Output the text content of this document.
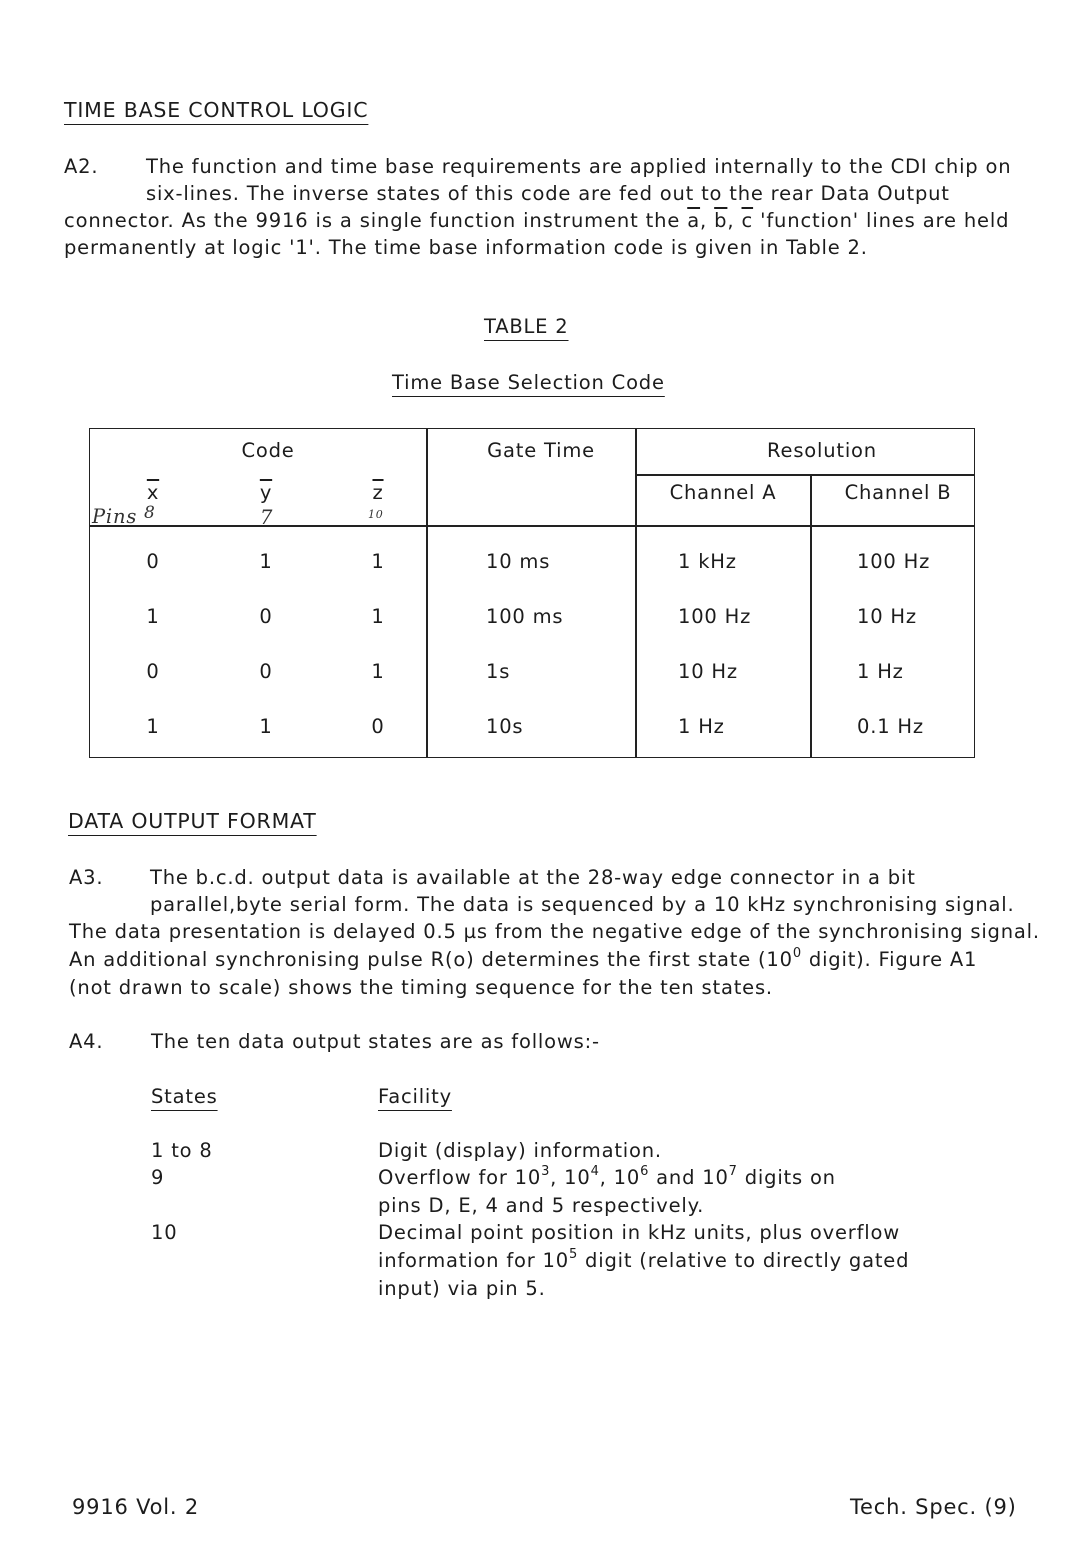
TIME BASE CONTROL LOGIC
A2. The function and time base requirements are applied internally to the CDI chip on
six-lines. The inverse states of this code are fed out to the rear Data Output
connector. As the 9916 is a single function instrument the $\overline{a}$, $\overline{b}$, $\overline{c}$ 'function' lines are held
permanently at logic '1'. The time base information code is given in Table 2.
TABLE 2
Time Base Selection Code
Code	Gate Time	Resolution
$\overline{x}$	$\overline{y}$	$\overline{z}$	Channel A	Channel B
Pins 8	7	10
0	1	1	10 ms	1 kHz	100 Hz
1	0	1	100 ms	100 Hz	10 Hz
0	0	1	1s	10 Hz	1 Hz
1	1	0	10s	1 Hz	0.1 Hz
DATA OUTPUT FORMAT
A3. The b.c.d. output data is available at the 28-way edge connector in a bit
parallel,byte serial form. The data is sequenced by a 10 kHz synchronising signal.
The data presentation is delayed 0.5 µs from the negative edge of the synchronising signal.
An additional synchronising pulse R(o) determines the first state ($10^0$ digit). Figure A1
(not drawn to scale) shows the timing sequence for the ten states.
A4. The ten data output states are as follows:-
States	Facility
1 to 8	Digit (display) information.
9	Overflow for $10^3$, $10^4$, $10^6$ and $10^7$ digits on
pins D, E, 4 and 5 respectively.
10	Decimal point position in kHz units, plus overflow
information for $10^5$ digit (relative to directly gated
input) via pin 5.
9916 Vol. 2	Tech. Spec. (9)
